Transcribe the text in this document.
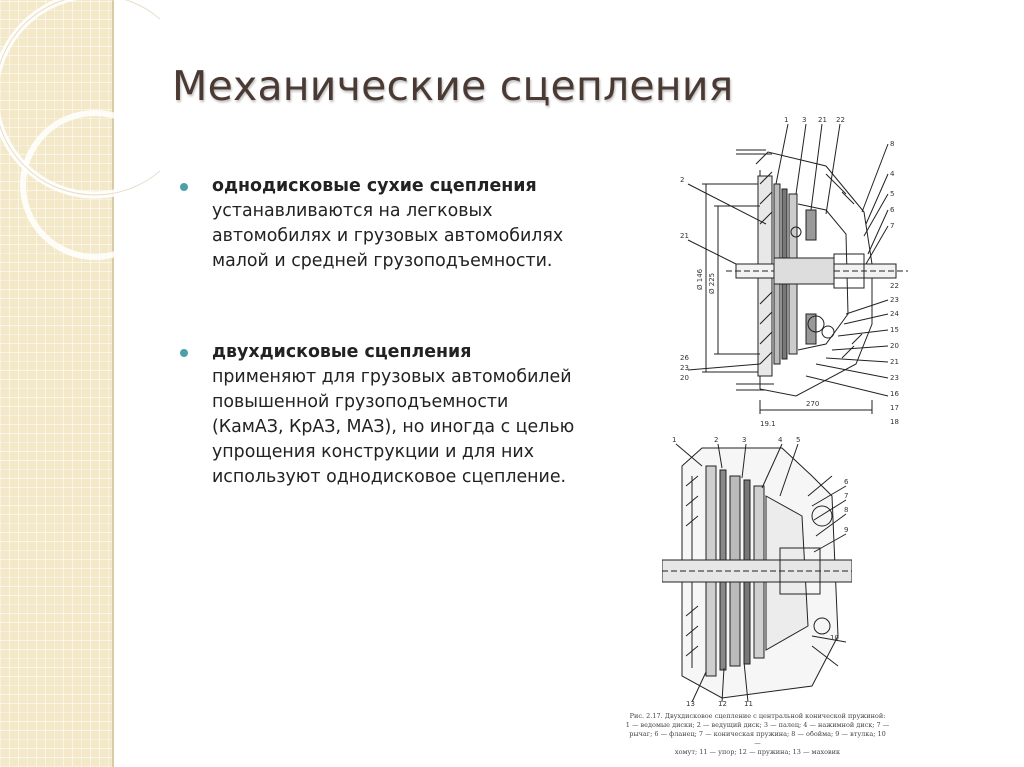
Механические сцепления
однодисковые сухие сцепления устанавливаются на легковых автомобилях и грузовых автомобилях малой и средней грузоподъемности.
двухдисковые сцепления применяют для грузовых автомобилей повышенной грузоподъемности (КамАЗ, КрАЗ, МАЗ), но иногда с целью упрощения конструкции и для них используют однодисковое сцепление.
1 3 21 22
8
4
5
6
7
22
23
24
15
20
21
23
16
17
18
2
21
26
23
20
Ø 225
Ø 146
19.1
270
1	2	3	4 5
6
7
8
9
10
13	12 11
Рис. 2.17. Двухдисковое сцепление с центральной конической пружиной:
1 — ведомые диски; 2 — ведущий диск; 3 — палец; 4 — нажимной диск; 7 —
рычаг; 6 — фланец; 7 — коническая пружина; 8 — обойма; 9 — втулка; 10 —
хомут; 11 — упор; 12 — пружина; 13 — маховик
